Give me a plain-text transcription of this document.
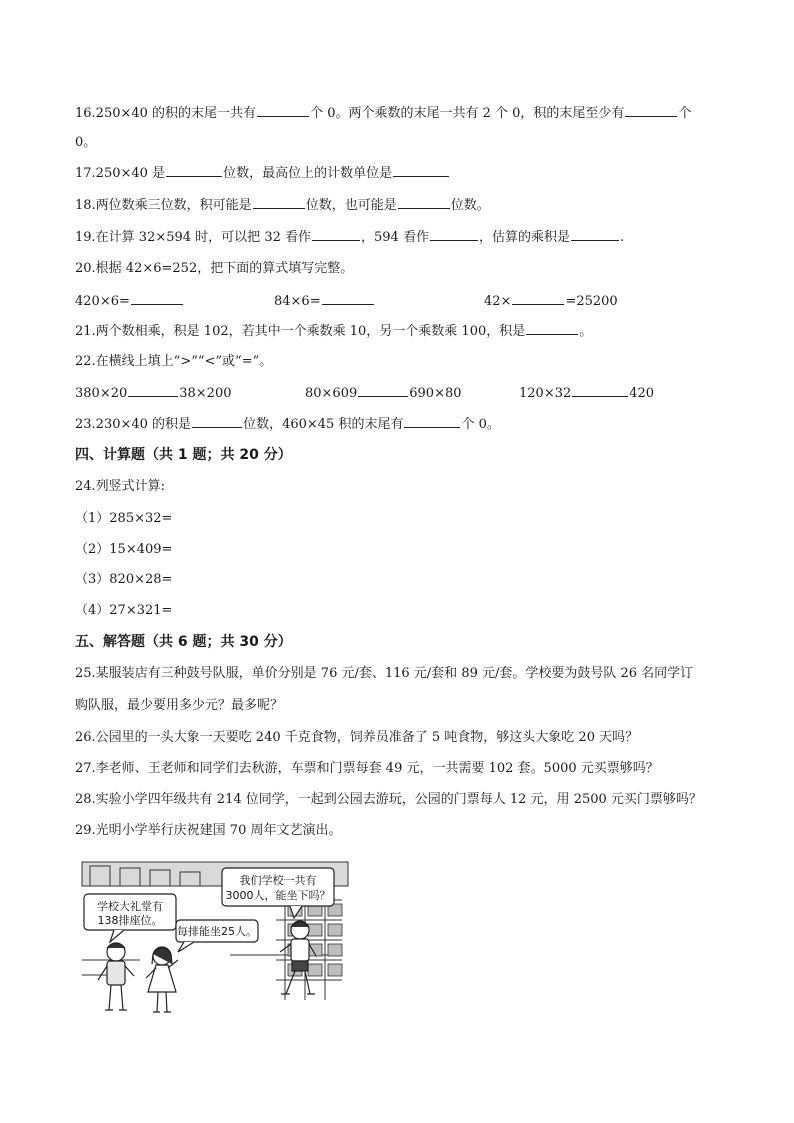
16.250×40 的积的末尾一共有	个 0。两个乘数的末尾一共有 2 个 0，积的末尾至少有	个
0。
17.250×40 是	位数，最高位上的计数单位是
18.两位数乘三位数，积可能是	位数，也可能是	位数。
19.在计算 32×594 时，可以把 32 看作	，594 看作	，估算的乘积是	.
20.根据 42×6=252，把下面的算式填写完整。
420×6=	84×6=	42×	=25200
21.两个数相乘，积是 102，若其中一个乘数乘 10，另一个乘数乘 100，积是	。
22.在横线上填上“>”“<”或“=”。
380×20	38×200	80×609	690×80	120×32	420
23.230×40 的积是	位数，460×45 积的末尾有	个 0。
四、计算题（共 1 题；共 20 分）
24.列竖式计算:
（1）285×32=
（2）15×409=
（3）820×28=
（4）27×321=
五、解答题（共 6 题；共 30 分）
25.某服装店有三种鼓号队服，单价分别是 76 元/套、116 元/套和 89 元/套。学校要为鼓号队 26 名同学订
购队服，最少要用多少元？最多呢？
26.公园里的一头大象一天要吃 240 千克食物，饲养员准备了 5 吨食物，够这头大象吃 20 天吗？
27.李老师、王老师和同学们去秋游，车票和门票每套 49 元，一共需要 102 套。5000 元买票够吗？
28.实验小学四年级共有 214 位同学，一起到公园去游玩，公园的门票每人 12 元，用 2500 元买门票够吗？
29.光明小学举行庆祝建国 70 周年文艺演出。
学校大礼堂有
138排座位。
每排能坐25人。
我们学校一共有
3000人，能坐下吗？
